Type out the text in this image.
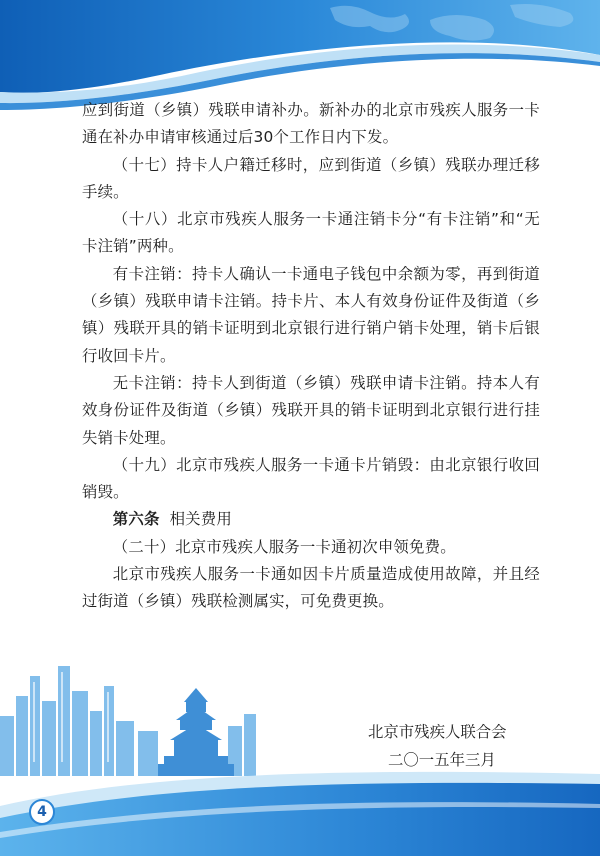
应到街道（乡镇）残联申请补办。新补办的北京市残疾人服务一卡通在补办申请审核通过后30个工作日内下发。

（十七）持卡人户籍迁移时，应到街道（乡镇）残联办理迁移手续。

（十八）北京市残疾人服务一卡通注销卡分“有卡注销”和“无卡注销”两种。

有卡注销：持卡人确认一卡通电子钱包中余额为零，再到街道（乡镇）残联申请卡注销。持卡片、本人有效身份证件及街道（乡镇）残联开具的销卡证明到北京银行进行销户销卡处理，销卡后银行收回卡片。

无卡注销：持卡人到街道（乡镇）残联申请卡注销。持本人有效身份证件及街道（乡镇）残联开具的销卡证明到北京银行进行挂失销卡处理。

（十九）北京市残疾人服务一卡通卡片销毁：由北京银行收回销毁。

第六条 相关费用

（二十）北京市残疾人服务一卡通初次申领免费。

北京市残疾人服务一卡通如因卡片质量造成使用故障，并且经过街道（乡镇）残联检测属实，可免费更换。

北京市残疾人联合会
二〇一五年三月
4
